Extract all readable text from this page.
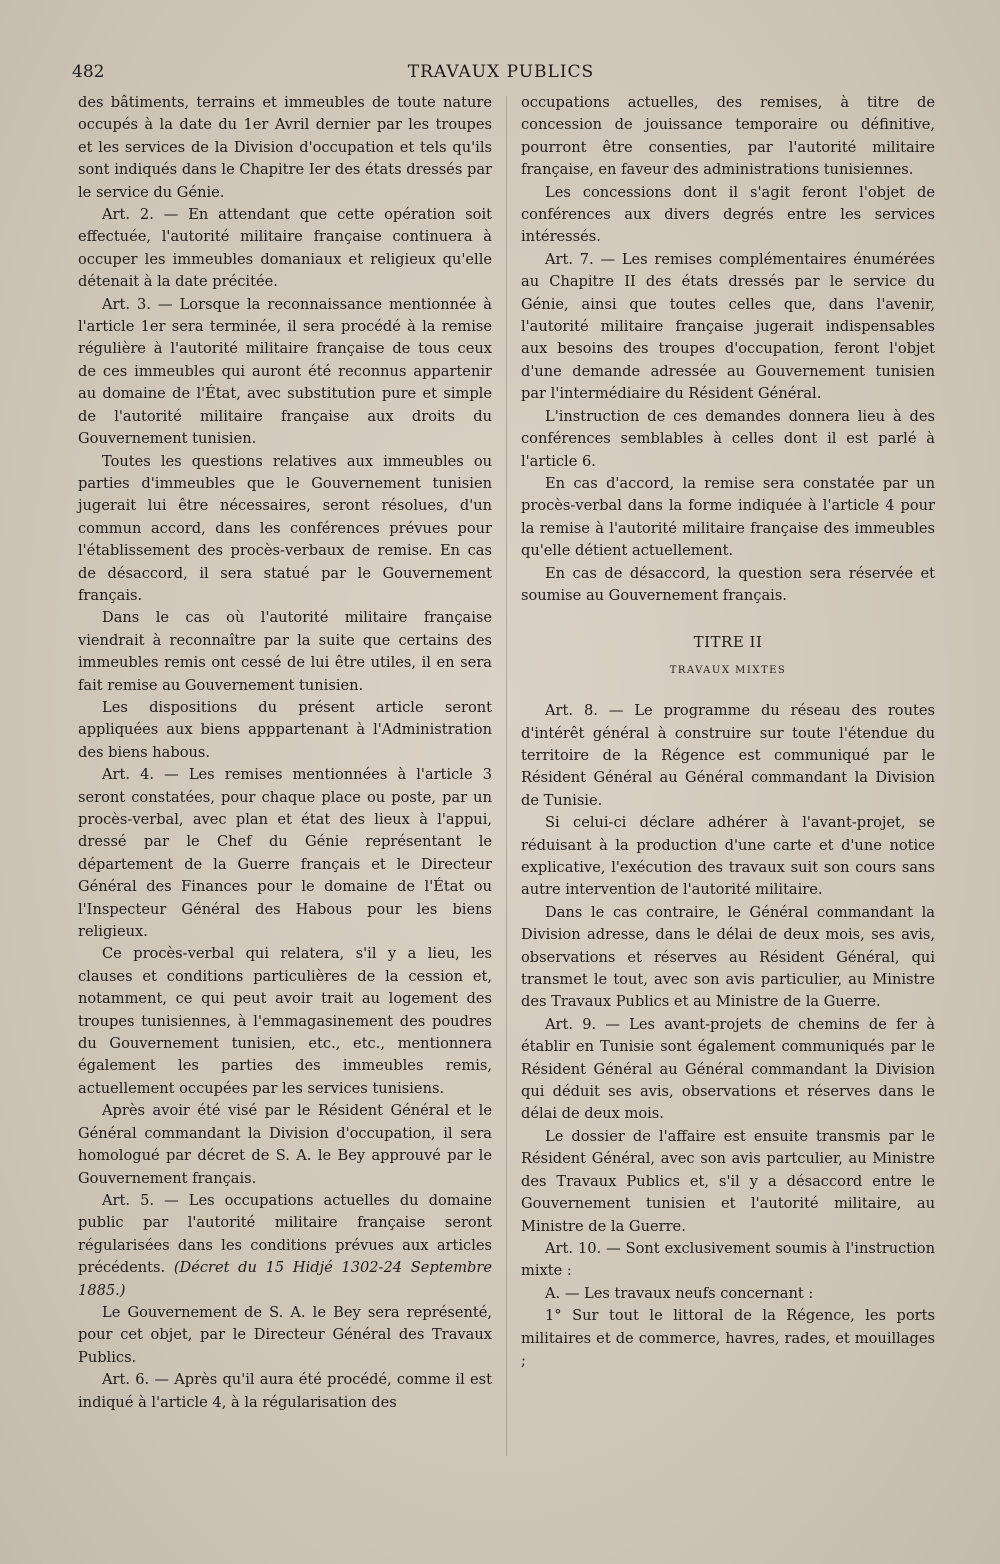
482	TRAVAUX PUBLICS

des bâtiments, terrains et immeubles de toute nature occupés à la date du 1er Avril dernier par les troupes et les services de la Division d'occupation et tels qu'ils sont indiqués dans le Chapitre Ier des états dressés par le service du Génie.

Art. 2. — En attendant que cette opération soit effectuée, l'autorité militaire française continuera à occuper les immeubles domaniaux et religieux qu'elle détenait à la date précitée.

Art. 3. — Lorsque la reconnaissance mentionnée à l'article 1er sera terminée, il sera procédé à la remise régulière à l'autorité militaire française de tous ceux de ces immeubles qui auront été reconnus appartenir au domaine de l'État, avec substitution pure et simple de l'autorité militaire française aux droits du Gouvernement tunisien.

Toutes les questions relatives aux immeubles ou parties d'immeubles que le Gouvernement tunisien jugerait lui être nécessaires, seront résolues, d'un commun accord, dans les conférences prévues pour l'établissement des procès-verbaux de remise. En cas de désaccord, il sera statué par le Gouvernement français.

Dans le cas où l'autorité militaire française viendrait à reconnaître par la suite que certains des immeubles remis ont cessé de lui être utiles, il en sera fait remise au Gouvernement tunisien.

Les dispositions du présent article seront appliquées aux biens apppartenant à l'Administration des biens habous.

Art. 4. — Les remises mentionnées à l'article 3 seront constatées, pour chaque place ou poste, par un procès-verbal, avec plan et état des lieux à l'appui, dressé par le Chef du Génie représentant le département de la Guerre français et le Directeur Général des Finances pour le domaine de l'État ou l'Inspecteur Général des Habous pour les biens religieux.

Ce procès-verbal qui relatera, s'il y a lieu, les clauses et conditions particulières de la cession et, notamment, ce qui peut avoir trait au logement des troupes tunisiennes, à l'emmagasinement des poudres du Gouvernement tunisien, etc., etc., mentionnera également les parties des immeubles remis, actuellement occupées par les services tunisiens.

Après avoir été visé par le Résident Général et le Général commandant la Division d'occupation, il sera homologué par décret de S. A. le Bey approuvé par le Gouvernement français.

Art. 5. — Les occupations actuelles du domaine public par l'autorité militaire française seront régularisées dans les conditions prévues aux articles précédents. (Décret du 15 Hidjé 1302-24 Septembre 1885.)

Le Gouvernement de S. A. le Bey sera représenté, pour cet objet, par le Directeur Général des Travaux Publics.

Art. 6. — Après qu'il aura été procédé, comme il est indiqué à l'article 4, à la régularisation des

occupations actuelles, des remises, à titre de concession de jouissance temporaire ou définitive, pourront être consenties, par l'autorité militaire française, en faveur des administrations tunisiennes.

Les concessions dont il s'agit feront l'objet de conférences aux divers degrés entre les services intéressés.

Art. 7. — Les remises complémentaires énumérées au Chapitre II des états dressés par le service du Génie, ainsi que toutes celles que, dans l'avenir, l'autorité militaire française jugerait indispensables aux besoins des troupes d'occupation, feront l'objet d'une demande adressée au Gouvernement tunisien par l'intermédiaire du Résident Général.

L'instruction de ces demandes donnera lieu à des conférences semblables à celles dont il est parlé à l'article 6.

En cas d'accord, la remise sera constatée par un procès-verbal dans la forme indiquée à l'article 4 pour la remise à l'autorité militaire française des immeubles qu'elle détient actuellement.

En cas de désaccord, la question sera réservée et soumise au Gouvernement français.

TITRE II

TRAVAUX MIXTES

Art. 8. — Le programme du réseau des routes d'intérêt général à construire sur toute l'étendue du territoire de la Régence est communiqué par le Résident Général au Général commandant la Division de Tunisie.

Si celui-ci déclare adhérer à l'avant-projet, se réduisant à la production d'une carte et d'une notice explicative, l'exécution des travaux suit son cours sans autre intervention de l'autorité militaire.

Dans le cas contraire, le Général commandant la Division adresse, dans le délai de deux mois, ses avis, observations et réserves au Résident Général, qui transmet le tout, avec son avis particulier, au Ministre des Travaux Publics et au Ministre de la Guerre.

Art. 9. — Les avant-projets de chemins de fer à établir en Tunisie sont également communiqués par le Résident Général au Général commandant la Division qui déduit ses avis, observations et réserves dans le délai de deux mois.

Le dossier de l'affaire est ensuite transmis par le Résident Général, avec son avis partculier, au Ministre des Travaux Publics et, s'il y a désaccord entre le Gouvernement tunisien et l'autorité militaire, au Ministre de la Guerre.

Art. 10. — Sont exclusivement soumis à l'instruction mixte :

A. — Les travaux neufs concernant :

1° Sur tout le littoral de la Régence, les ports militaires et de commerce, havres, rades, et mouillages ;
